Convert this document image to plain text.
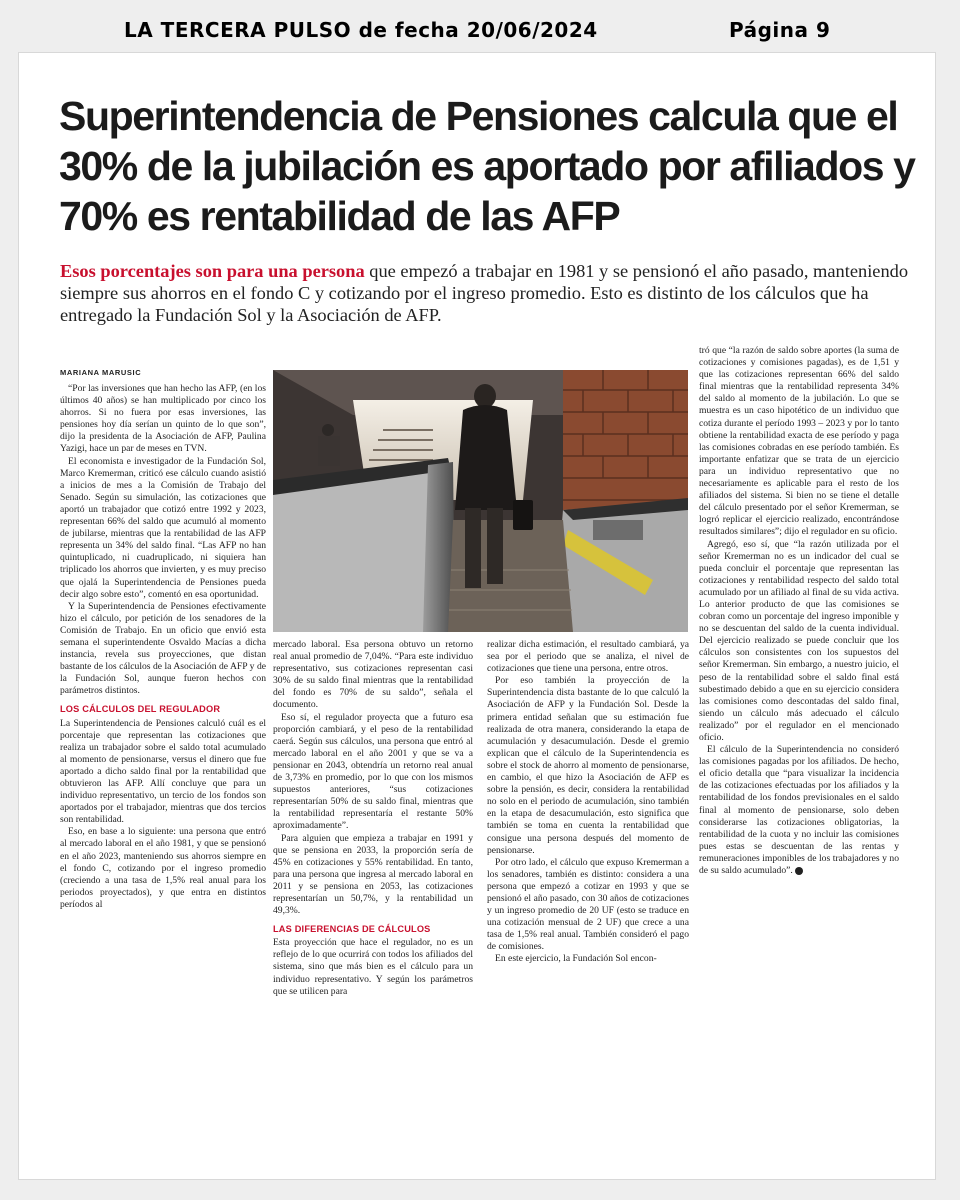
LA TERCERA PULSO de fecha 20/06/2024	Página 9
Superintendencia de Pensiones calcula que el 30% de la jubilación es aportado por afiliados y 70% es rentabilidad de las AFP
Esos porcentajes son para una persona que empezó a trabajar en 1981 y se pensionó el año pasado, manteniendo siempre sus ahorros en el fondo C y cotizando por el ingreso promedio. Esto es distinto de los cálculos que ha entregado la Fundación Sol y la Asociación de AFP.
MARIANA MARUSIC

“Por las inversiones que han hecho las AFP, (en los últimos 40 años) se han multiplicado por cinco los ahorros. Si no fuera por esas inversiones, las pensiones hoy día serían un quinto de lo que son”, dijo la presidenta de la Asociación de AFP, Paulina Yazigi, hace un par de meses en TVN.

El economista e investigador de la Fundación Sol, Marco Kremerman, criticó ese cálculo cuando asistió a inicios de mes a la Comisión de Trabajo del Senado. Según su simulación, las cotizaciones que aportó un trabajador que cotizó entre 1992 y 2023, representan 66% del saldo que acumuló al momento de jubilarse, mientras que la rentabilidad de las AFP representa un 34% del saldo final. “Las AFP no han quintuplicado, ni cuadruplicado, ni siquiera han triplicado los ahorros que invierten, y es muy preciso que ojalá la Superintendencia de Pensiones pueda decir algo sobre esto”, comentó en esa oportunidad.

Y la Superintendencia de Pensiones efectivamente hizo el cálculo, por petición de los senadores de la Comisión de Trabajo. En un oficio que envió esta semana el superintendente Osvaldo Macías a dicha instancia, revela sus proyecciones, que distan bastante de los cálculos de la Asociación de AFP y de la Fundación Sol, aunque fueron hechos con parámetros distintos.

LOS CÁLCULOS DEL REGULADOR

La Superintendencia de Pensiones calculó cuál es el porcentaje que representan las cotizaciones que realiza un trabajador sobre el saldo total acumulado al momento de pensionarse, versus el dinero que fue aportado a dicho saldo final por la rentabilidad que obtuvieron las AFP. Allí concluye que para un individuo representativo, un tercio de los fondos son aportados por el trabajador, mientras que dos tercios son rentabilidad.

Eso, en base a lo siguiente: una persona que entró al mercado laboral en el año 1981, y que se pensionó en el año 2023, manteniendo sus ahorros siempre en el fondo C, cotizando por el ingreso promedio (creciendo a una tasa de 1,5% real anual para los periodos proyectados), y que entra en distintos períodos al

mercado laboral. Esa persona obtuvo un retorno real anual promedio de 7,04%. “Para este individuo representativo, sus cotizaciones representan casi 30% de su saldo final mientras que la rentabilidad del fondo es 70% de su saldo”, señala el documento.

Eso sí, el regulador proyecta que a futuro esa proporción cambiará, y el peso de la rentabilidad caerá. Según sus cálculos, una persona que entró al mercado laboral en el año 2001 y que se va a pensionar en 2043, obtendría un retorno real anual de 3,73% en promedio, por lo que con los mismos supuestos anteriores, “sus cotizaciones representarían 50% de su saldo final, mientras que la rentabilidad representaría el restante 50% aproximadamente”.

Para alguien que empieza a trabajar en 1991 y que se pensiona en 2033, la proporción sería de 45% en cotizaciones y 55% rentabilidad. En tanto, para una persona que ingresa al mercado laboral en 2011 y se pensiona en 2053, las cotizaciones representarían un 50,7%, y la rentabilidad un 49,3%.

LAS DIFERENCIAS DE CÁLCULOS

Esta proyección que hace el regulador, no es un reflejo de lo que ocurrirá con todos los afiliados del sistema, sino que más bien es el cálculo para un individuo representativo. Y según los parámetros que se utilicen para

realizar dicha estimación, el resultado cambiará, ya sea por el periodo que se analiza, el nivel de cotizaciones que tiene una persona, entre otros.

Por eso también la proyección de la Superintendencia dista bastante de lo que calculó la Asociación de AFP y la Fundación Sol. Desde la primera entidad señalan que su estimación fue realizada de otra manera, considerando la etapa de acumulación y desacumulación. Desde el gremio explican que el cálculo de la Superintendencia es sobre el stock de ahorro al momento de pensionarse, en cambio, el que hizo la Asociación de AFP es sobre la pensión, es decir, considera la rentabilidad no solo en el periodo de acumulación, sino también en la etapa de desacumulación, esto significa que también se toma en cuenta la rentabilidad que consigue una persona después del momento de pensionarse.

Por otro lado, el cálculo que expuso Kremerman a los senadores, también es distinto: considera a una persona que empezó a cotizar en 1993 y que se pensionó el año pasado, con 30 años de cotizaciones y un ingreso promedio de 20 UF (esto se traduce en una cotización mensual de 2 UF) que crece a una tasa de 1,5% real anual. También consideró el pago de comisiones.

En este ejercicio, la Fundación Sol encon-

tró que “la razón de saldo sobre aportes (la suma de cotizaciones y comisiones pagadas), es de 1,51 y que las cotizaciones representan 66% del saldo final mientras que la rentabilidad representa 34% del saldo al momento de la jubilación. Lo que se muestra es un caso hipotético de un individuo que cotiza durante el período 1993 – 2023 y por lo tanto obtiene la rentabilidad exacta de ese período y paga las comisiones cobradas en ese período también. Es importante enfatizar que se trata de un ejercicio para un individuo representativo que no necesariamente es aplicable para el resto de los afiliados del sistema. Si bien no se tiene el detalle del cálculo presentado por el señor Kremerman, se logró replicar el ejercicio realizado, encontrándose resultados similares”; dijo el regulador en su oficio.

Agregó, eso sí, que “la razón utilizada por el señor Kremerman no es un indicador del cual se pueda concluir el porcentaje que representan las cotizaciones y rentabilidad respecto del saldo total acumulado por un afiliado al final de su vida activa. Lo anterior producto de que las comisiones se cobran como un porcentaje del ingreso imponible y no se descuentan del saldo de la cuenta individual. Del ejercicio realizado se puede concluir que los cálculos son consistentes con los supuestos del señor Kremerman. Sin embargo, a nuestro juicio, el peso de la rentabilidad sobre el saldo final está subestimado debido a que en su ejercicio considera las comisiones como descontadas del saldo final, siendo un cálculo más adecuado el cálculo realizado” por el regulador en el mencionado oficio.

El cálculo de la Superintendencia no consideró las comisiones pagadas por los afiliados. De hecho, el oficio detalla que “para visualizar la incidencia de las cotizaciones efectuadas por los afiliados y la rentabilidad de los fondos previsionales en el saldo final al momento de pensionarse, solo deben considerarse las cotizaciones obligatorias, la rentabilidad de la cuota y no incluir las comisiones pues estas se descuentan de las rentas y remuneraciones imponibles de los trabajadores y no de su saldo acumulado”.
